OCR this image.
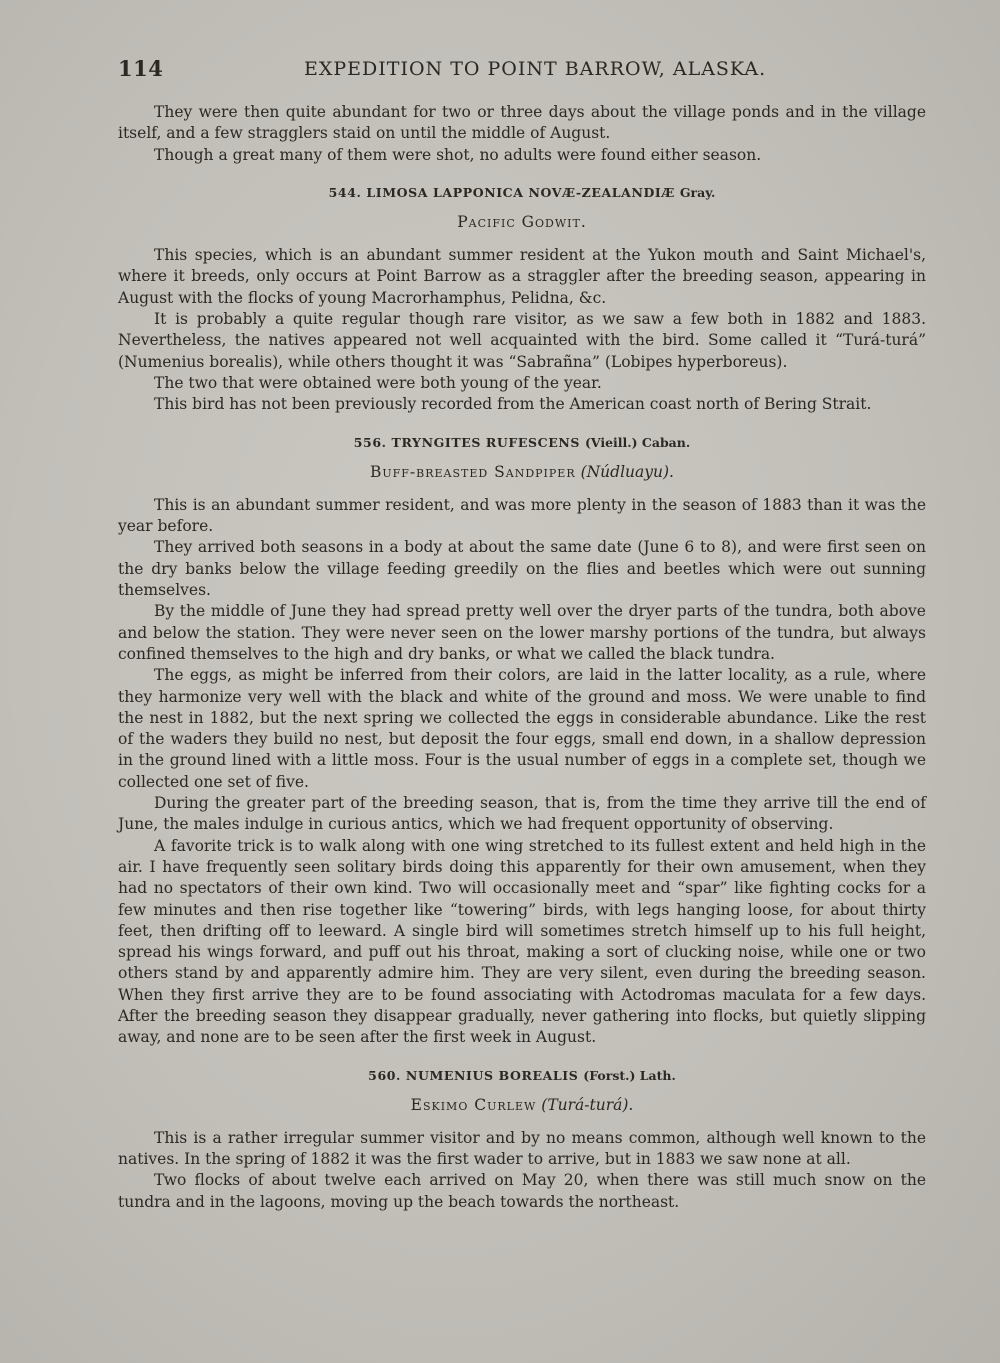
114	EXPEDITION TO POINT BARROW, ALASKA.

They were then quite abundant for two or three days about the village ponds and in the village itself, and a few stragglers staid on until the middle of August.

Though a great many of them were shot, no adults were found either season.

544. LIMOSA LAPPONICA NOVÆ-ZEALANDIÆ Gray.
Pacific Godwit.

This species, which is an abundant summer resident at the Yukon mouth and Saint Michael's, where it breeds, only occurs at Point Barrow as a straggler after the breeding season, appearing in August with the flocks of young Macrorhamphus, Pelidna, &c.

It is probably a quite regular though rare visitor, as we saw a few both in 1882 and 1883. Nevertheless, the natives appeared not well acquainted with the bird. Some called it “Turá-turá” (Numenius borealis), while others thought it was “Sabrañna” (Lobipes hyperboreus).

The two that were obtained were both young of the year.

This bird has not been previously recorded from the American coast north of Bering Strait.

556. TRYNGITES RUFESCENS (Vieill.) Caban.
Buff-breasted Sandpiper (Núdluayu).

This is an abundant summer resident, and was more plenty in the season of 1883 than it was the year before.

They arrived both seasons in a body at about the same date (June 6 to 8), and were first seen on the dry banks below the village feeding greedily on the flies and beetles which were out sunning themselves.

By the middle of June they had spread pretty well over the dryer parts of the tundra, both above and below the station. They were never seen on the lower marshy portions of the tundra, but always confined themselves to the high and dry banks, or what we called the black tundra.

The eggs, as might be inferred from their colors, are laid in the latter locality, as a rule, where they harmonize very well with the black and white of the ground and moss. We were unable to find the nest in 1882, but the next spring we collected the eggs in considerable abundance. Like the rest of the waders they build no nest, but deposit the four eggs, small end down, in a shallow depression in the ground lined with a little moss. Four is the usual number of eggs in a complete set, though we collected one set of five.

During the greater part of the breeding season, that is, from the time they arrive till the end of June, the males indulge in curious antics, which we had frequent opportunity of observing.

A favorite trick is to walk along with one wing stretched to its fullest extent and held high in the air. I have frequently seen solitary birds doing this apparently for their own amusement, when they had no spectators of their own kind. Two will occasionally meet and “spar” like fighting cocks for a few minutes and then rise together like “towering” birds, with legs hanging loose, for about thirty feet, then drifting off to leeward. A single bird will sometimes stretch himself up to his full height, spread his wings forward, and puff out his throat, making a sort of clucking noise, while one or two others stand by and apparently admire him. They are very silent, even during the breeding season. When they first arrive they are to be found associating with Actodromas maculata for a few days. After the breeding season they disappear gradually, never gathering into flocks, but quietly slipping away, and none are to be seen after the first week in August.

560. NUMENIUS BOREALIS (Forst.) Lath.
Eskimo Curlew (Turá-turá).

This is a rather irregular summer visitor and by no means common, although well known to the natives. In the spring of 1882 it was the first wader to arrive, but in 1883 we saw none at all.

Two flocks of about twelve each arrived on May 20, when there was still much snow on the tundra and in the lagoons, moving up the beach towards the northeast.
